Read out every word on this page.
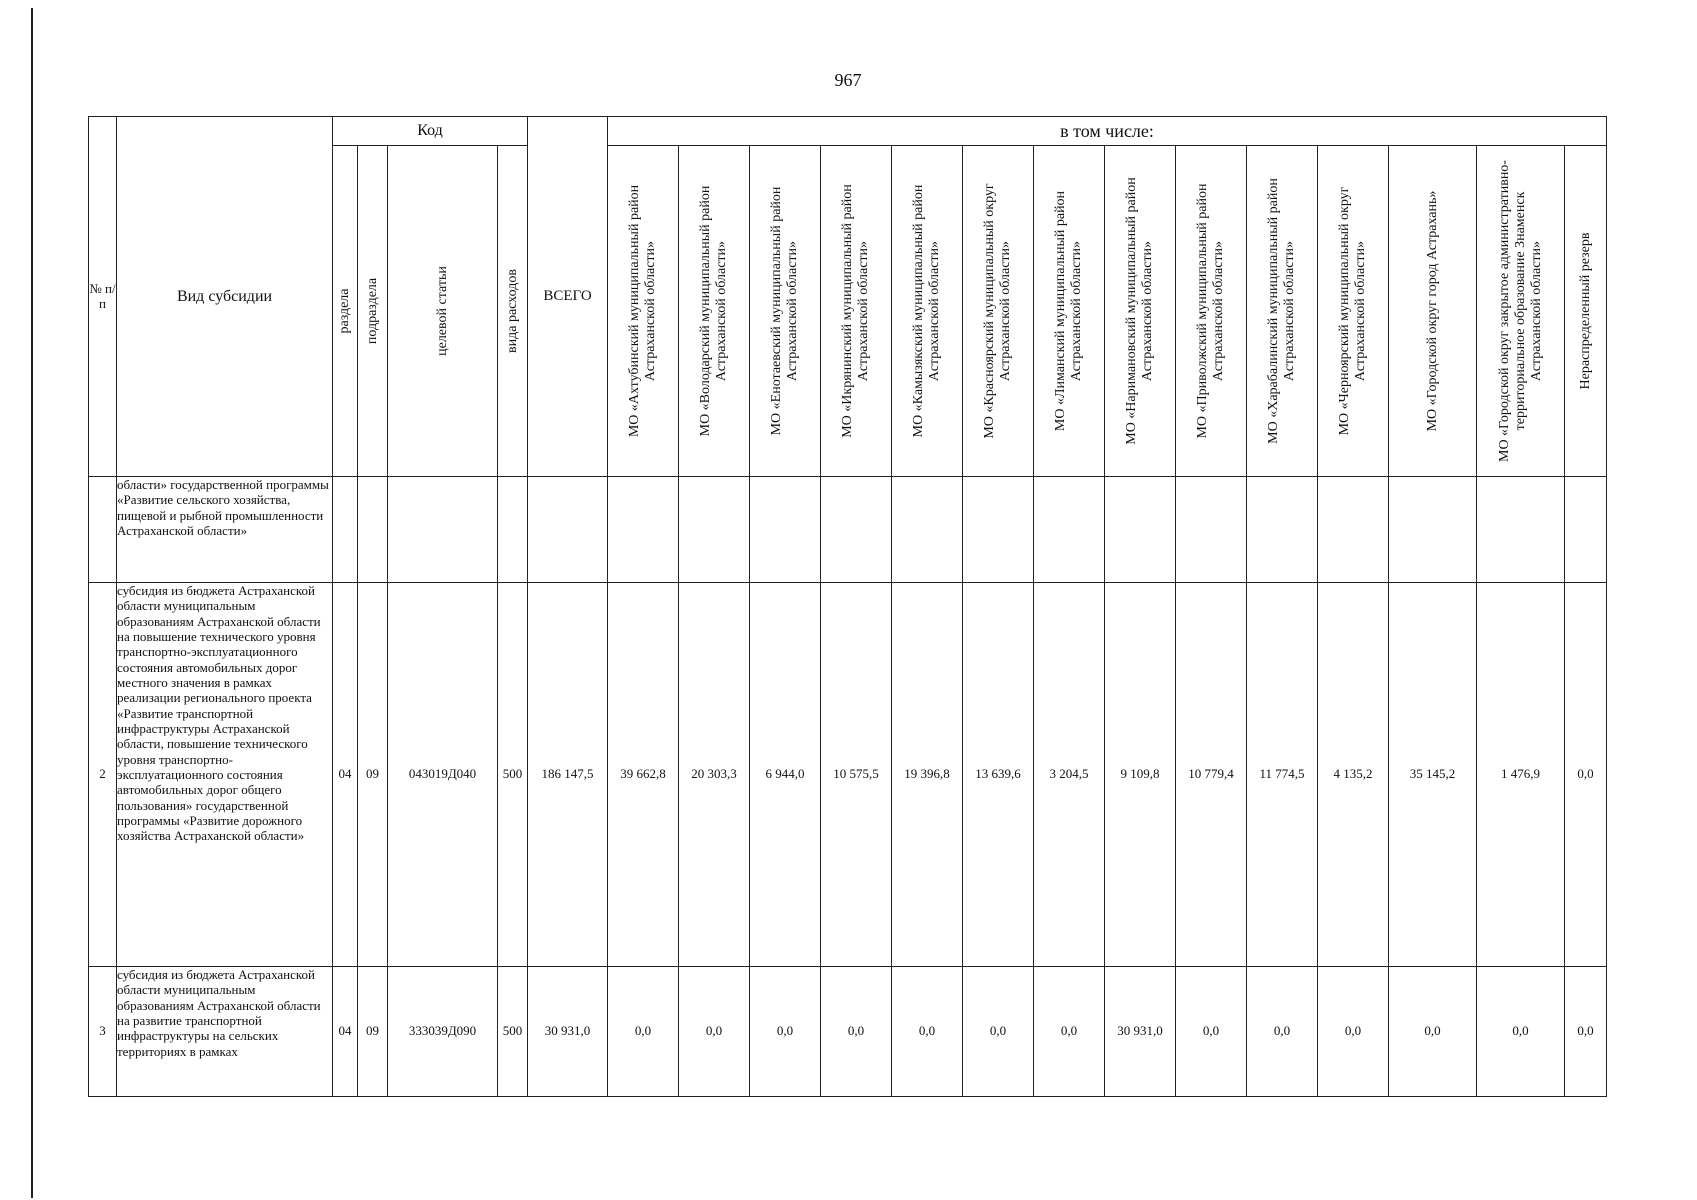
967
№ п/п	Вид субсидии	Код				ВСЕГО	в том числе:													

		раздела	подраздела	целевой статьи	вида расходов		МО «Ахтубинский муниципальный район Астраханской области»	МО «Володарский муниципальный район Астраханской области»	МО «Енотаевский муниципальный район Астраханской области»	МО «Икрянинский муниципальный район Астраханской области»	МО «Камызякский муниципальный район Астраханской области»	МО «Красноярский муниципальный округ Астраханской области»	МО «Лиманский муниципальный район Астраханской области»	МО «Наримановский муниципальный район Астраханской области»	МО «Приволжский муниципальный район Астраханской области»	МО «Харабалинский муниципальный район Астраханской области»	МО «Черноярский муниципальный округ Астраханской области»	МО «Городской округ город Астрахань»	МО «Городской округ закрытое административно-территориальное образование Знаменск Астраханской области»	Нераспределенный резерв

	области» государственной программы «Развитие сельского хозяйства, пищевой и рыбной промышленности Астраханской области»																			
2	субсидия из бюджета Астраханской области муниципальным образованиям Астраханской области на повышение технического уровня транспортно-эксплуатационного состояния автомобильных дорог местного значения в рамках реализации регионального проекта «Развитие транспортной инфраструктуры Астраханской области, повышение технического уровня транспортно-эксплуатационного состояния автомобильных дорог общего пользования» государственной программы «Развитие дорожного хозяйства Астраханской области»	04	09	043019Д040	500	186 147,5	39 662,8	20 303,3	6 944,0	10 575,5	19 396,8	13 639,6	3 204,5	9 109,8	10 779,4	11 774,5	4 135,2	35 145,2	1 476,9	0,0
3	субсидия из бюджета Астраханской области муниципальным образованиям Астраханской области на развитие транспортной инфраструктуры на сельских территориях в рамках	04	09	333039Д090	500	30 931,0	0,0	0,0	0,0	0,0	0,0	0,0	0,0	30 931,0	0,0	0,0	0,0	0,0	0,0	0,0
